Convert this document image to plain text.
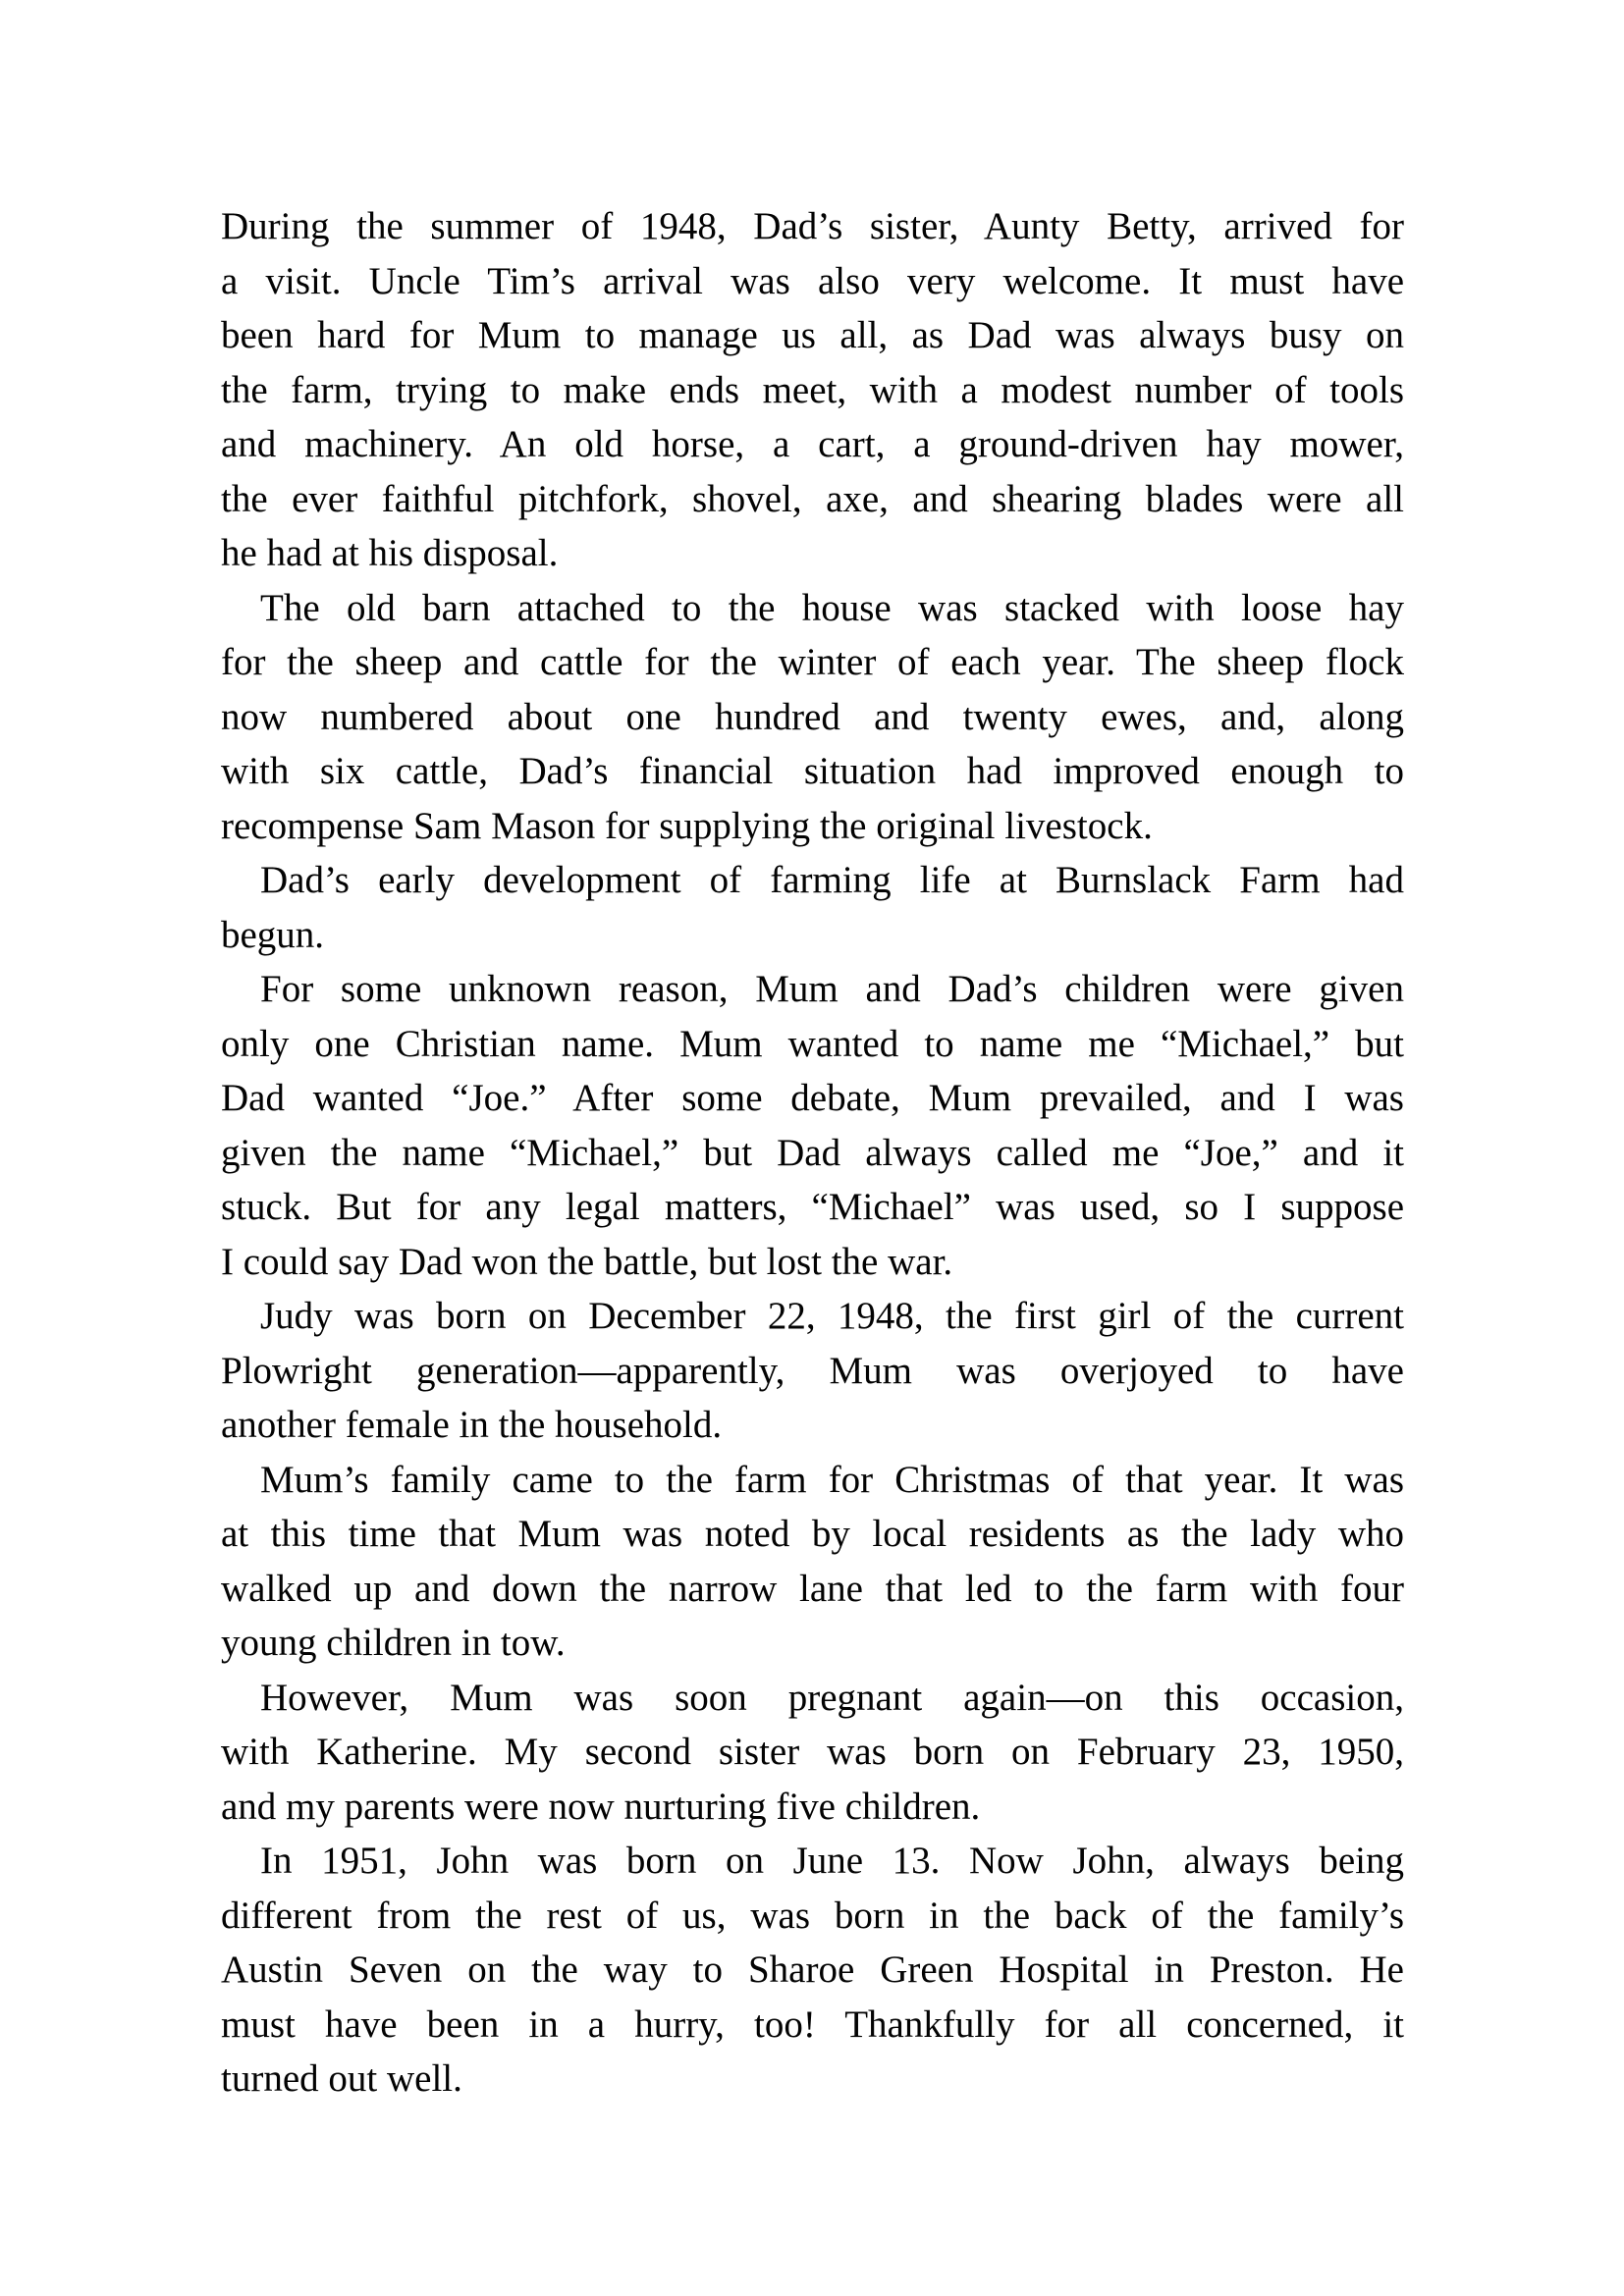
During the summer of 1948, Dad’s sister, Aunty Betty, arrived for
a visit. Uncle Tim’s arrival was also very welcome. It must have
been hard for Mum to manage us all, as Dad was always busy on
the farm, trying to make ends meet, with a modest number of tools
and machinery. An old horse, a cart, a ground-driven hay mower,
the ever faithful pitchfork, shovel, axe, and shearing blades were all
he had at his disposal.
The old barn attached to the house was stacked with loose hay
for the sheep and cattle for the winter of each year. The sheep flock
now numbered about one hundred and twenty ewes, and, along
with six cattle, Dad’s financial situation had improved enough to
recompense Sam Mason for supplying the original livestock.
Dad’s early development of farming life at Burnslack Farm had
begun.
For some unknown reason, Mum and Dad’s children were given
only one Christian name. Mum wanted to name me “Michael,” but
Dad wanted “Joe.” After some debate, Mum prevailed, and I was
given the name “Michael,” but Dad always called me “Joe,” and it
stuck. But for any legal matters, “Michael” was used, so I suppose
I could say Dad won the battle, but lost the war.
Judy was born on December 22, 1948, the first girl of the current
Plowright generation—apparently, Mum was overjoyed to have
another female in the household.
Mum’s family came to the farm for Christmas of that year. It was
at this time that Mum was noted by local residents as the lady who
walked up and down the narrow lane that led to the farm with four
young children in tow.
However, Mum was soon pregnant again—on this occasion,
with Katherine. My second sister was born on February 23, 1950,
and my parents were now nurturing five children.
In 1951, John was born on June 13. Now John, always being
different from the rest of us, was born in the back of the family’s
Austin Seven on the way to Sharoe Green Hospital in Preston. He
must have been in a hurry, too! Thankfully for all concerned, it
turned out well.
